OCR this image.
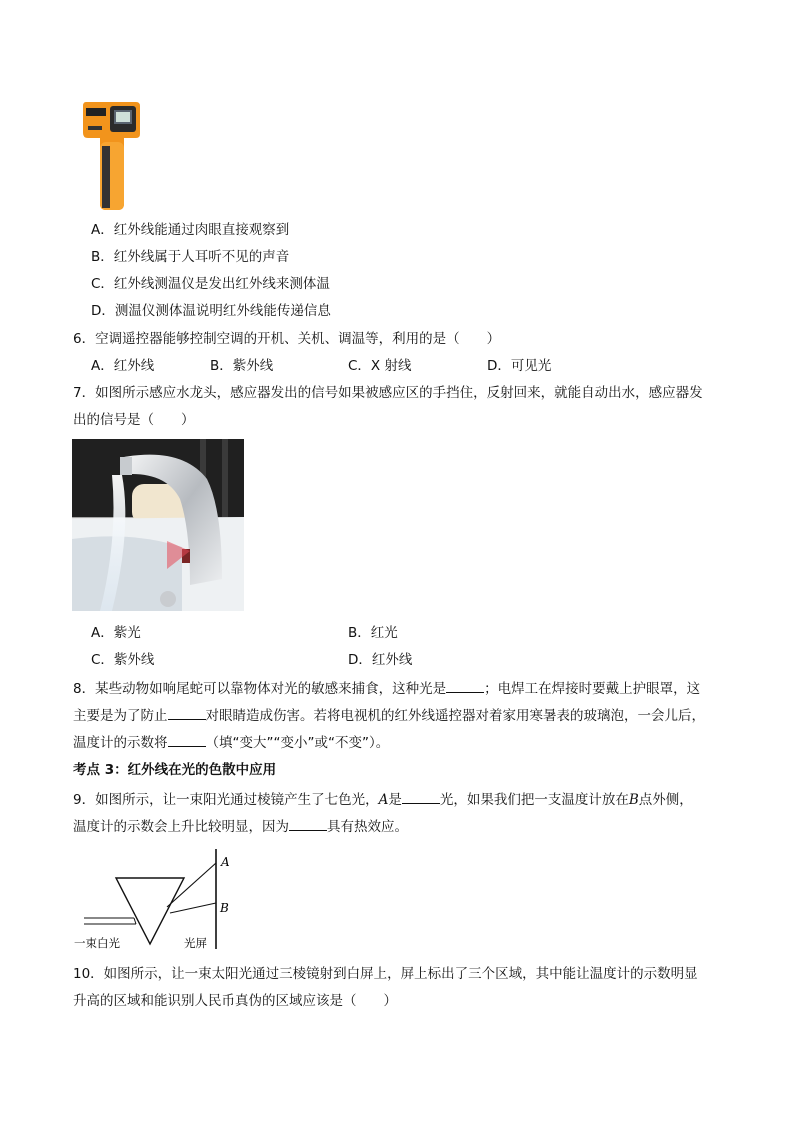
A．红外线能通过肉眼直接观察到
B．红外线属于人耳听不见的声音
C．红外线测温仪是发出红外线来测体温
D．测温仪测体温说明红外线能传递信息
6．空调遥控器能够控制空调的开机、关机、调温等，利用的是（　　）
A．红外线	B．紫外线	C．X 射线	D．可见光
7．如图所示感应水龙头，感应器发出的信号如果被感应区的手挡住，反射回来，就能自动出水，感应器发
出的信号是（　　）
A．紫光	B．红光
C．紫外线	D．红外线
8．某些动物如响尾蛇可以靠物体对光的敏感来捕食，这种光是	；电焊工在焊接时要戴上护眼罩，这
主要是为了防止	对眼睛造成伤害。若将电视机的红外线遥控器对着家用寒暑表的玻璃泡，一会儿后，
温度计的示数将	（填“变大”“变小”或“不变”）。
考点 3：红外线在光的色散中应用
9．如图所示，让一束阳光通过棱镜产生了七色光，A是	光，如果我们把一支温度计放在B点外侧，
温度计的示数会上升比较明显，因为	具有热效应。
A
B
一束白光	光屏
10．如图所示，让一束太阳光通过三棱镜射到白屏上，屏上标出了三个区域，其中能让温度计的示数明显
升高的区域和能识别人民币真伪的区域应该是（　　）
